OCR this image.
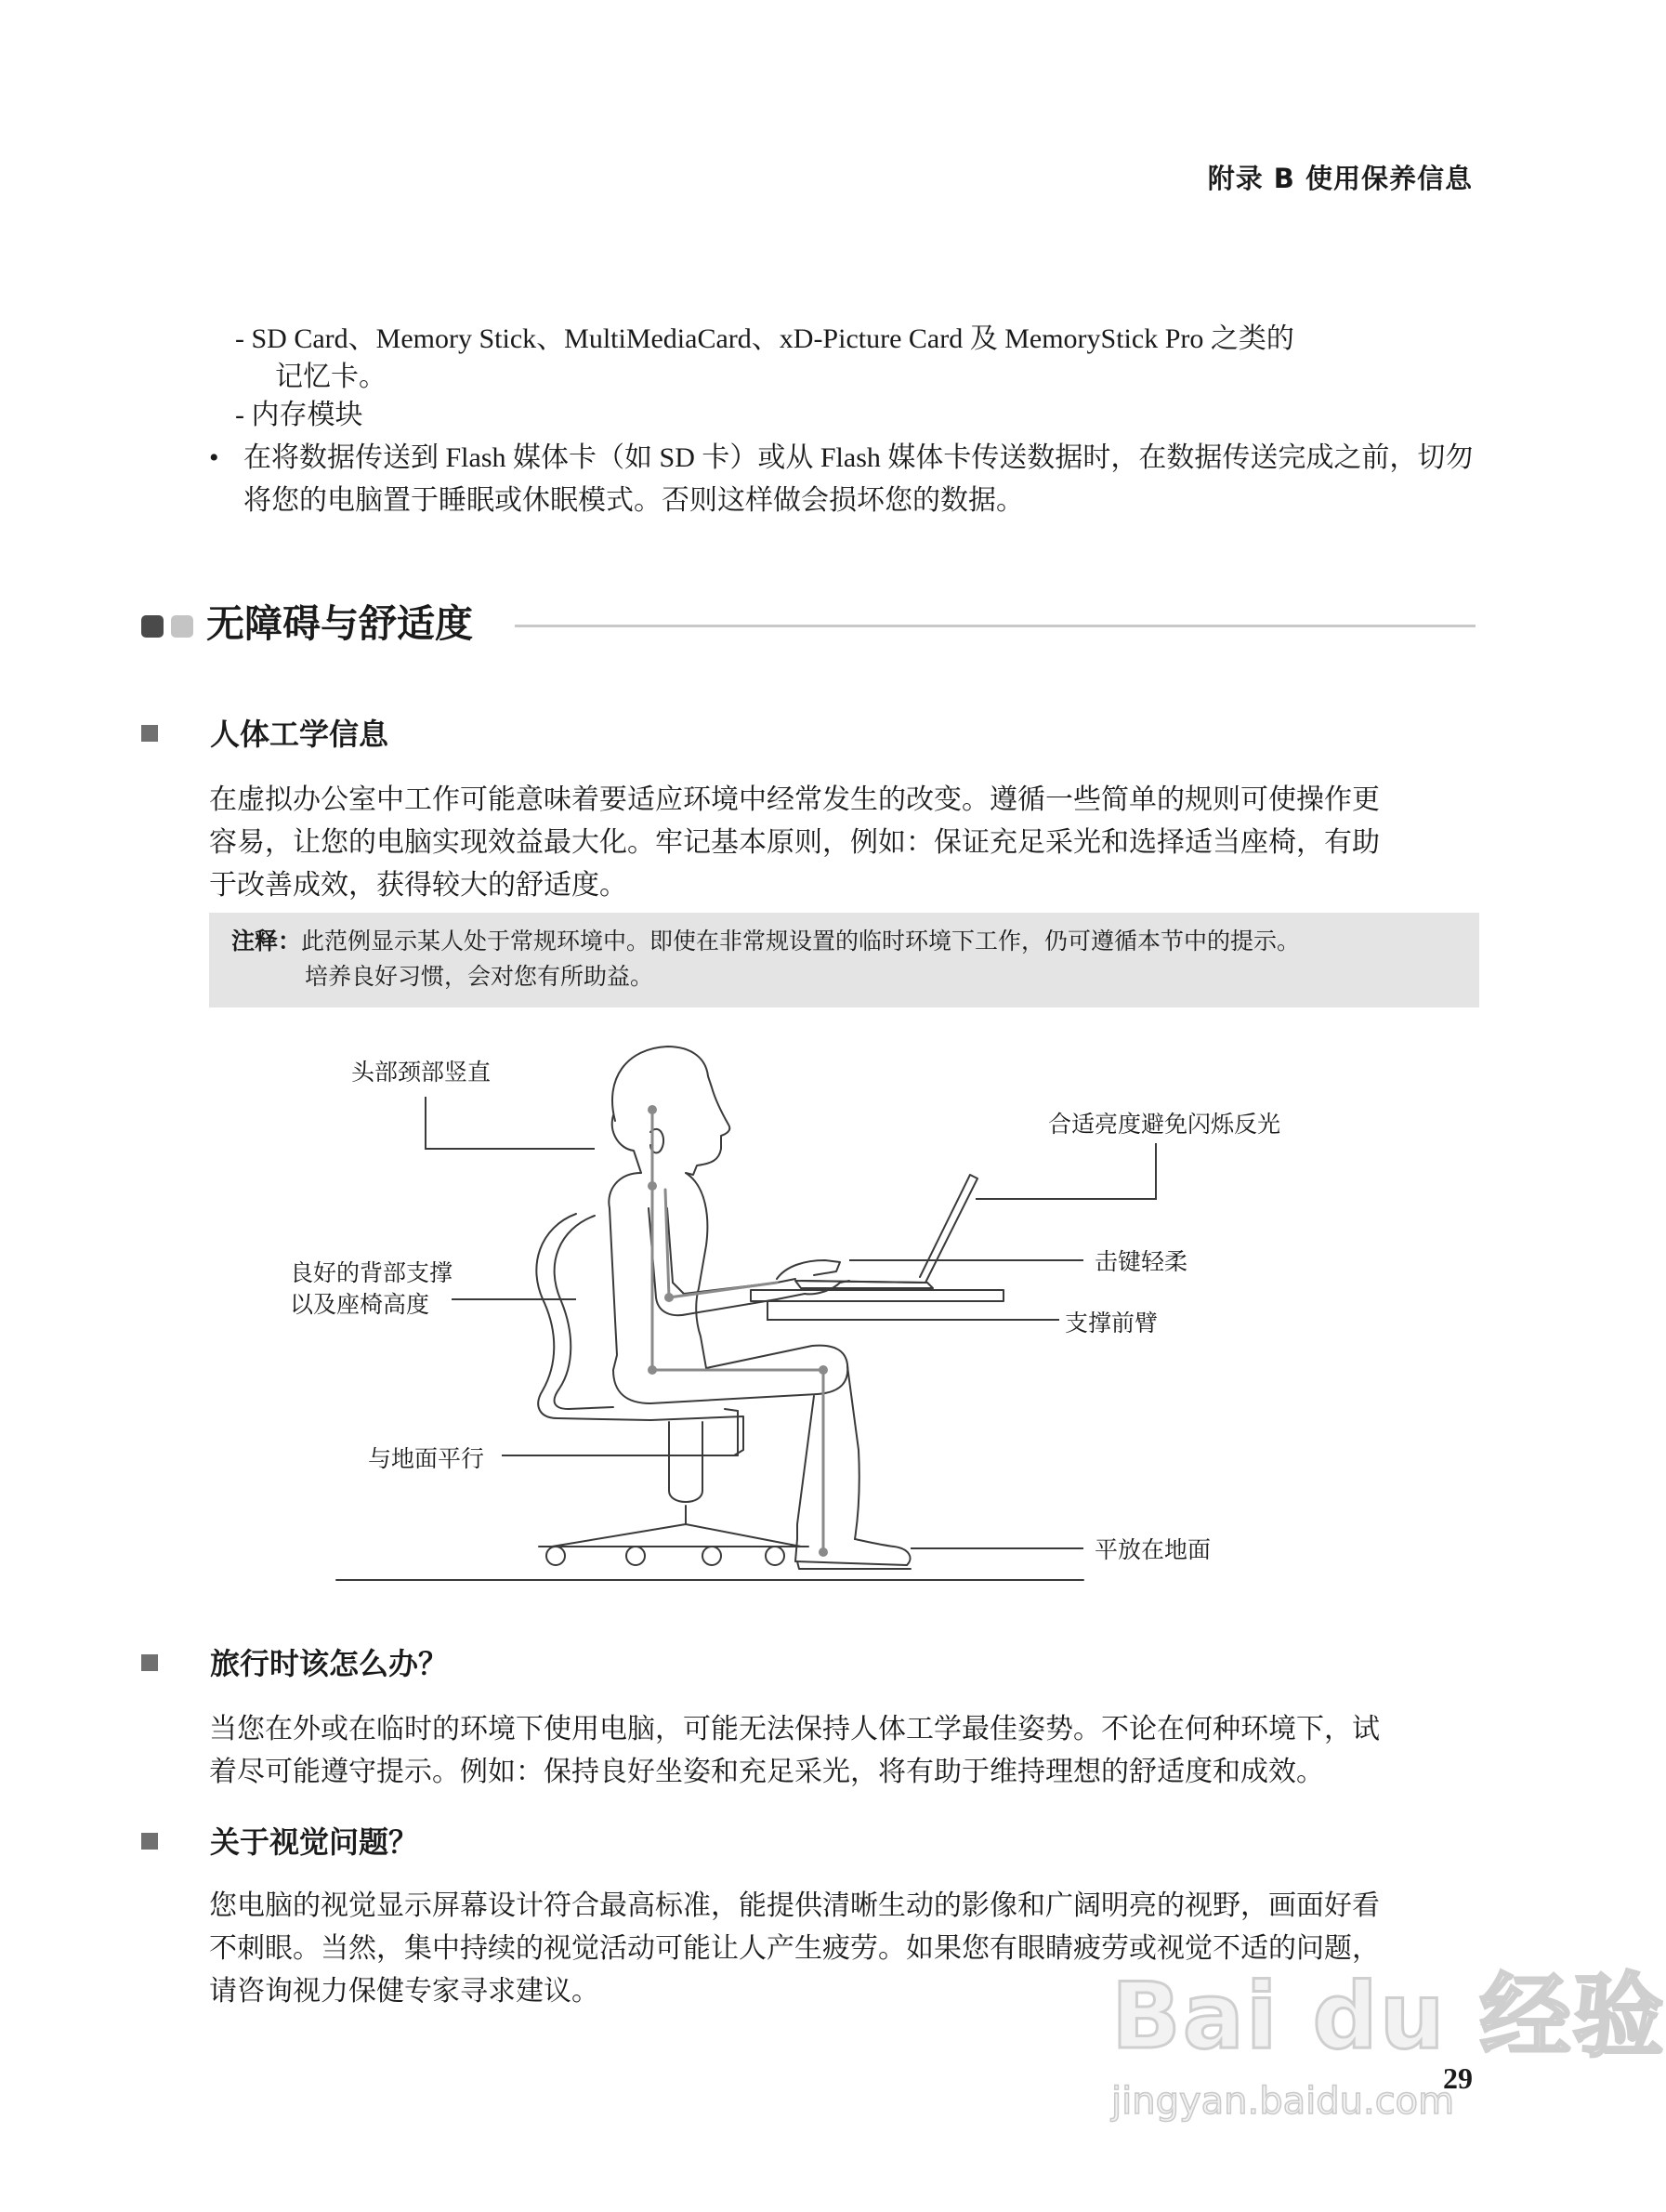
附录 B 使用保养信息
- SD Card、Memory Stick、MultiMediaCard、xD-Picture Card 及 MemoryStick Pro 之类的
记忆卡。
- 内存模块
• 在将数据传送到 Flash 媒体卡（如 SD 卡）或从 Flash 媒体卡传送数据时，在数据传送完成之前，切勿
将您的电脑置于睡眠或休眠模式。否则这样做会损坏您的数据。
无障碍与舒适度
人体工学信息
在虚拟办公室中工作可能意味着要适应环境中经常发生的改变。遵循一些简单的规则可使操作更
容易，让您的电脑实现效益最大化。牢记基本原则，例如：保证充足采光和选择适当座椅，有助
于改善成效，获得较大的舒适度。
注释：此范例显示某人处于常规环境中。即使在非常规设置的临时环境下工作，仍可遵循本节中的提示。
培养良好习惯，会对您有所助益。
头部颈部竖直
合适亮度避免闪烁反光
击键轻柔
良好的背部支撑
以及座椅高度
支撑前臂
与地面平行
平放在地面
旅行时该怎么办？
当您在外或在临时的环境下使用电脑，可能无法保持人体工学最佳姿势。不论在何种环境下，试
着尽可能遵守提示。例如：保持良好坐姿和充足采光，将有助于维持理想的舒适度和成效。
关于视觉问题？
您电脑的视觉显示屏幕设计符合最高标准，能提供清晰生动的影像和广阔明亮的视野，画面好看
不刺眼。当然，集中持续的视觉活动可能让人产生疲劳。如果您有眼睛疲劳或视觉不适的问题，
请咨询视力保健专家寻求建议。	Bai du 经验
jingyan.baidu.com
29
